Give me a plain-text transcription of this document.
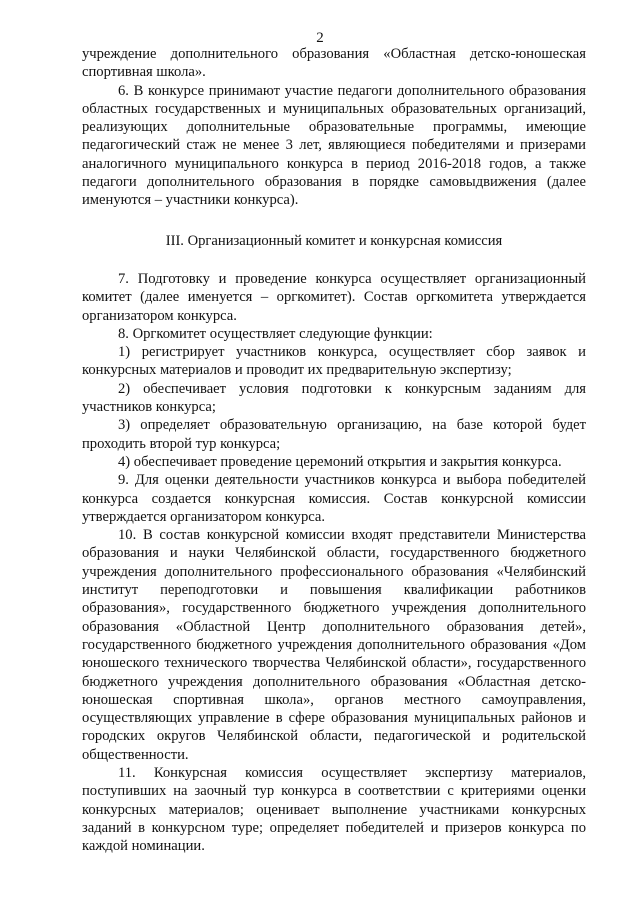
2

учреждение дополнительного образования «Областная детско-юношеская спортивная школа».

6. В конкурсе принимают участие педагоги дополнительного образования областных государственных и муниципальных образовательных организаций, реализующих дополнительные образовательные программы, имеющие педагогический стаж не менее 3 лет, являющиеся победителями и призерами аналогичного муниципального конкурса в период 2016-2018 годов, а также педагоги дополнительного образования в порядке самовыдвижения (далее именуются – участники конкурса).

III. Организационный комитет и конкурсная комиссия

7. Подготовку и проведение конкурса осуществляет организационный комитет (далее именуется – оргкомитет). Состав оргкомитета утверждается организатором конкурса.

8. Оргкомитет осуществляет следующие функции:

1) регистрирует участников конкурса, осуществляет сбор заявок и конкурсных материалов и проводит их предварительную экспертизу;

2) обеспечивает условия подготовки к конкурсным заданиям для участников конкурса;

3) определяет образовательную организацию, на базе которой будет проходить второй тур конкурса;

4) обеспечивает проведение церемоний открытия и закрытия конкурса.

9. Для оценки деятельности участников конкурса и выбора победителей конкурса создается конкурсная комиссия. Состав конкурсной комиссии утверждается организатором конкурса.

10. В состав конкурсной комиссии входят представители Министерства образования и науки Челябинской области, государственного бюджетного учреждения дополнительного профессионального образования «Челябинский институт переподготовки и повышения квалификации работников образования», государственного бюджетного учреждения дополнительного образования «Областной Центр дополнительного образования детей», государственного бюджетного учреждения дополнительного образования «Дом юношеского технического творчества Челябинской области», государственного бюджетного учреждения дополнительного образования «Областная детско-юношеская спортивная школа», органов местного самоуправления, осуществляющих управление в сфере образования муниципальных районов и городских округов Челябинской области, педагогической и родительской общественности.

11. Конкурсная комиссия осуществляет экспертизу материалов, поступивших на заочный тур конкурса в соответствии с критериями оценки конкурсных материалов; оценивает выполнение участниками конкурсных заданий в конкурсном туре; определяет победителей и призеров конкурса по каждой номинации.
